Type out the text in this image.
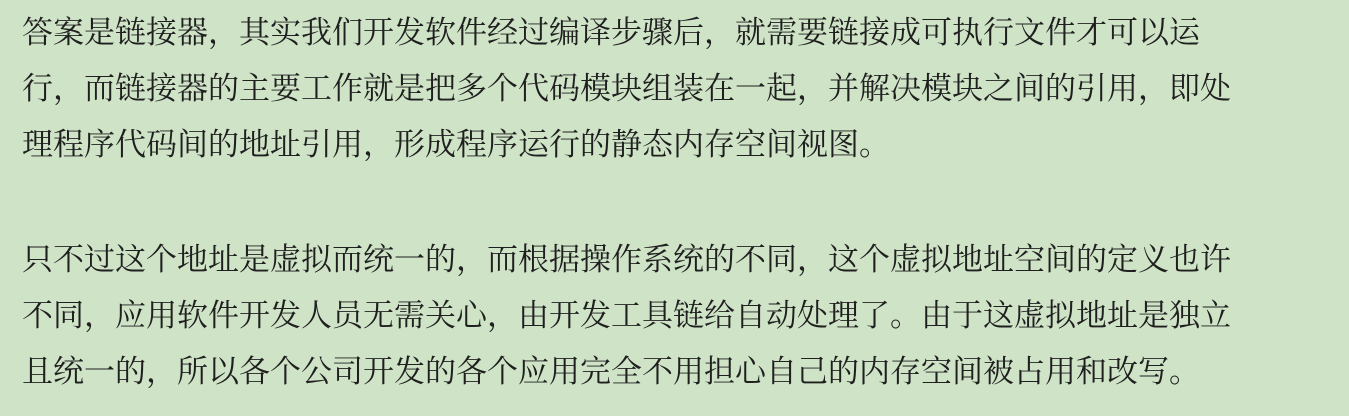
答案是链接器，其实我们开发软件经过编译步骤后，就需要链接成可执行文件才可以运
行，而链接器的主要工作就是把多个代码模块组装在一起，并解决模块之间的引用，即处
理程序代码间的地址引用，形成程序运行的静态内存空间视图。

只不过这个地址是虚拟而统一的，而根据操作系统的不同，这个虚拟地址空间的定义也许
不同，应用软件开发人员无需关心，由开发工具链给自动处理了。由于这虚拟地址是独立
且统一的，所以各个公司开发的各个应用完全不用担心自己的内存空间被占用和改写。
